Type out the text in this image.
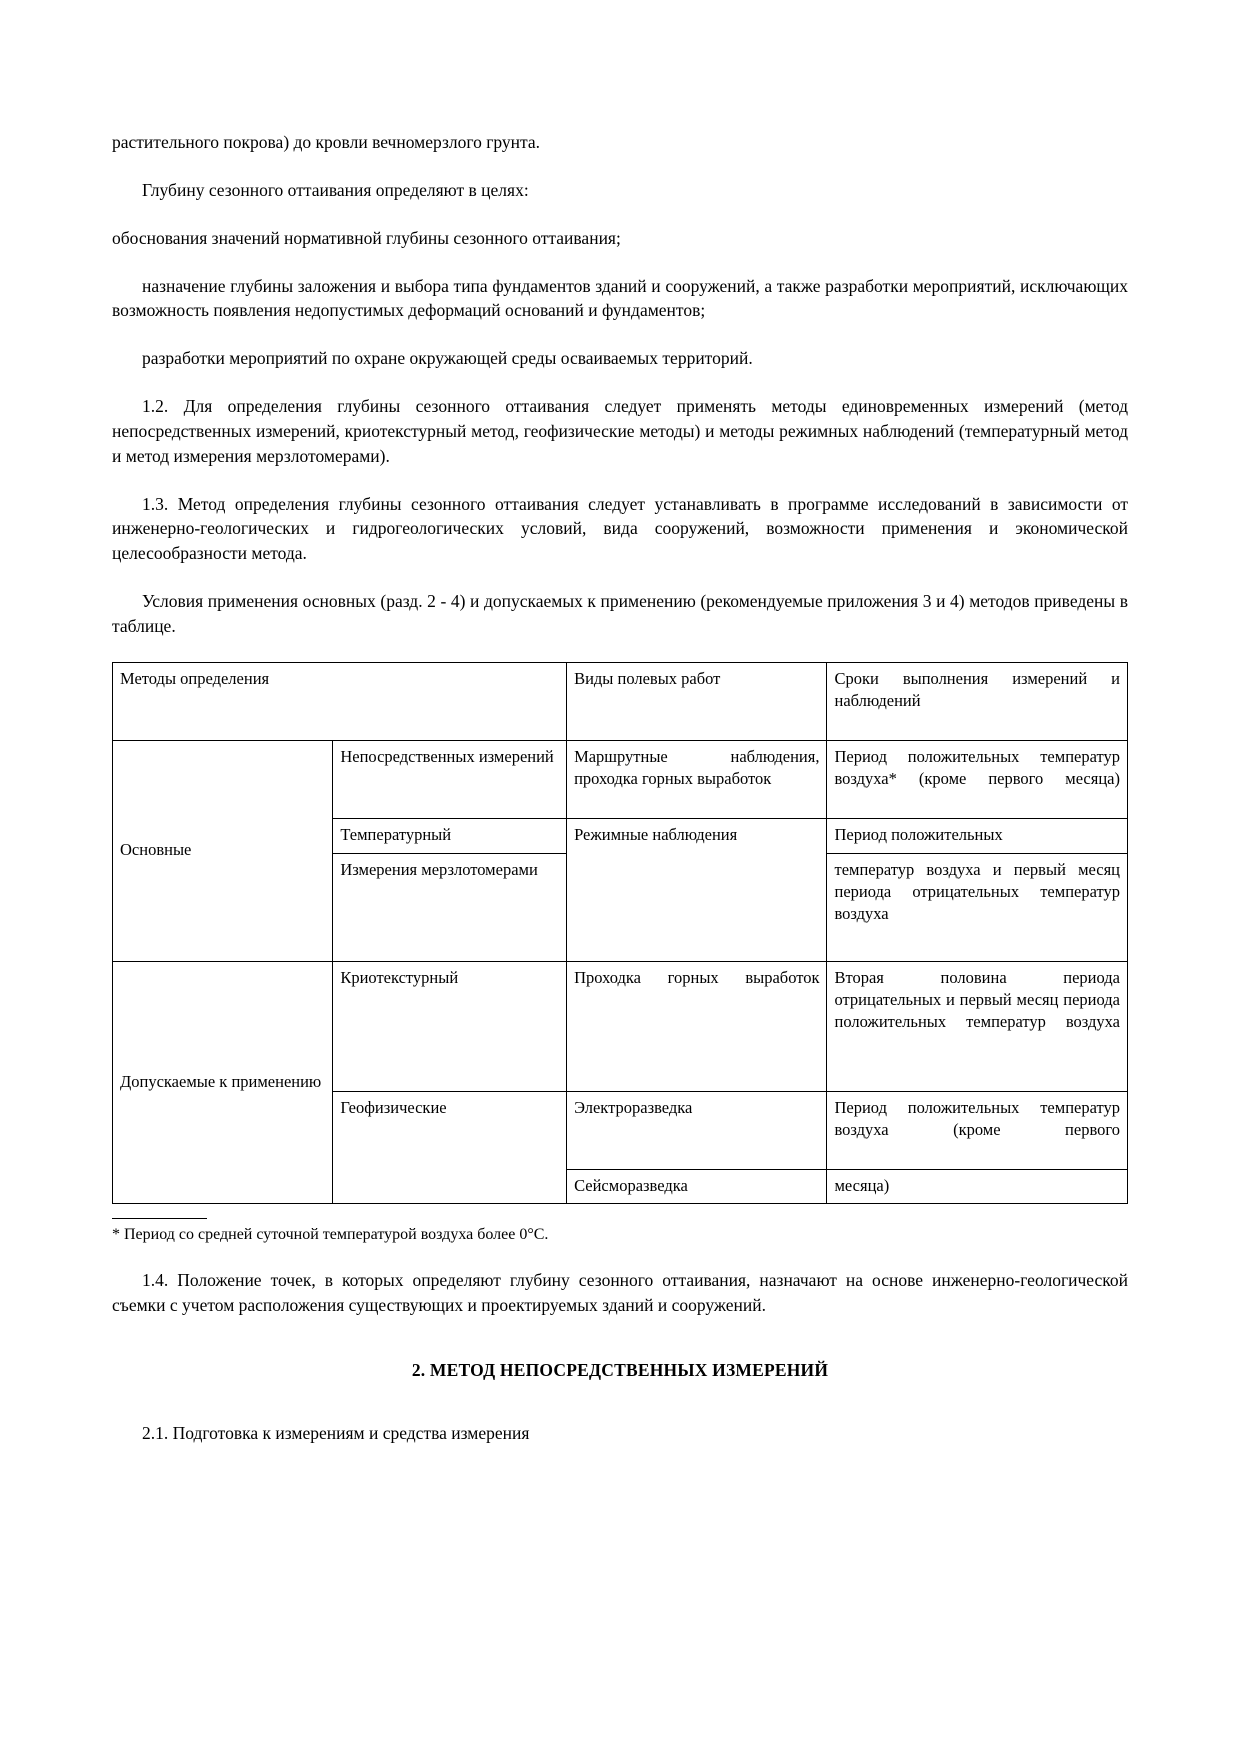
растительного покрова) до кровли вечномерзлого грунта.

Глубину сезонного оттаивания определяют в целях:

обоснования значений нормативной глубины сезонного оттаивания;

назначение глубины заложения и выбора типа фундаментов зданий и сооружений, а также разработки мероприятий, исключающих возможность появления недопустимых деформаций оснований и фундаментов;

разработки мероприятий по охране окружающей среды осваиваемых территорий.

1.2. Для определения глубины сезонного оттаивания следует применять методы единовременных измерений (метод непосредственных измерений, криотекстурный метод, геофизические методы) и методы режимных наблюдений (температурный метод и метод измерения мерзлотомерами).

1.3. Метод определения глубины сезонного оттаивания следует устанавливать в программе исследований в зависимости от инженерно-геологических и гидрогеологических условий, вида сооружений, возможности применения и экономической целесообразности метода.

Условия применения основных (разд. 2 - 4) и допускаемых к применению (рекомендуемые приложения 3 и 4) методов приведены в таблице.

Методы определения		Виды полевых работ	Сроки выполнения измерений и наблюдений
Основные	Непосредственных измерений	Маршрутные наблюдения, проходка горных выработок	Период положительных температур воздуха* (кроме первого месяца)
	Температурный	Режимные наблюдения	Период положительных
	Измерения мерзлотомерами		температур воздуха и первый месяц периода отрицательных температур воздуха
Допускаемые к применению	Криотекстурный	Проходка горных выработок	Вторая половина периода отрицательных и первый месяц периода положительных температур воздуха
	Геофизические	Электроразведка	Период положительных температур воздуха (кроме первого
		Сейсморазведка	месяца)

* Период со средней суточной температурой воздуха более 0°С.

1.4. Положение точек, в которых определяют глубину сезонного оттаивания, назначают на основе инженерно-геологической съемки с учетом расположения существующих и проектируемых зданий и сооружений.

2. МЕТОД НЕПОСРЕДСТВЕННЫХ ИЗМЕРЕНИЙ

2.1. Подготовка к измерениям и средства измерения
